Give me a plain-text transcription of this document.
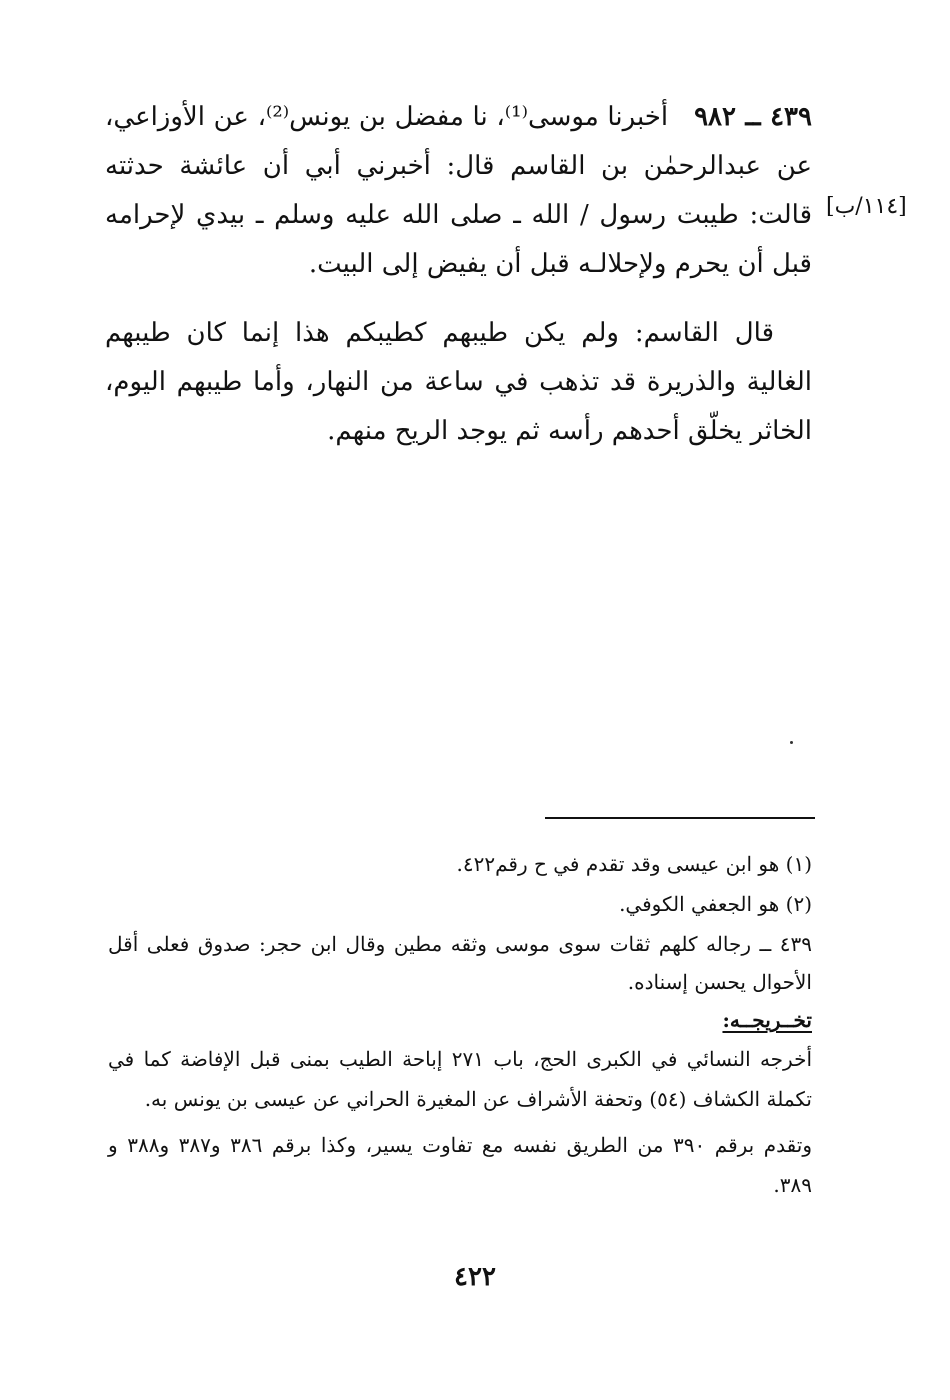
٤٣٩ ــ ٩٨٢   أخبرنا موسى⁽¹⁾، نا مفضل بن يونس⁽²⁾، عن الأوزاعي، عن عبدالرحمٰن بن القاسم قال: أخبرني أبي أن عائشة حدثته قالت: طيبت رسول / الله ـ صلى الله عليه وسلم ـ بيدي لإحرامه قبل أن يحرم ولإحلالـه قبل أن يفيض إلى البيت.

قال القاسم: ولم يكن طيبهم كطيبكم هذا إنما كان طيبهم الغالية والذريرة قد تذهب في ساعة من النهار، وأما طيبهم اليوم، الخاثر يخلّق أحدهم رأسه ثم يوجد الريح منهم.

[١١٤/ب]

(١) هو ابن عيسى وقد تقدم في ح رقم٤٢٢.

(٢) هو الجعفي الكوفي.

٤٣٩ ــ رجاله كلهم ثقات سوى موسى وثقه مطين وقال ابن حجر: صدوق فعلى أقل الأحوال يحسن إسناده.

تخــريجــه:

أخرجه النسائي في الكبرى الحج، باب ٢٧١ إباحة الطيب بمنى قبل الإفاضة كما في تكملة الكشاف (٥٤) وتحفة الأشراف عن المغيرة الحراني عن عيسى بن يونس به.

وتقدم برقم ٣٩٠ من الطريق نفسه مع تفاوت يسير، وكذا برقم ٣٨٦ و٣٨٧ و٣٨٨ و ٣٨٩.

٤٢٢
